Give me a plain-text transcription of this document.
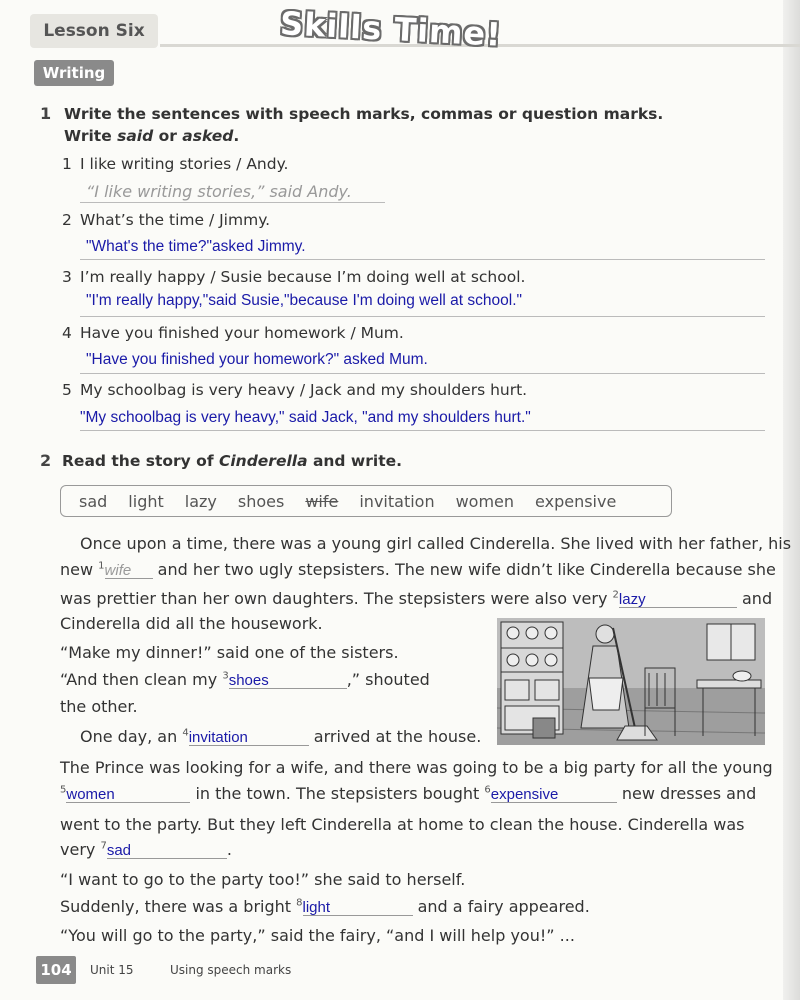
Lesson Six	Skills Time!
Writing
1 Write the sentences with speech marks, commas or question marks.
Write said or asked.
1 I like writing stories / Andy.
“I like writing stories,” said Andy.
2 What’s the time / Jimmy.
"What's the time?"asked Jimmy.
3 I’m really happy / Susie because I’m doing well at school.
"I'm really happy,"said Susie,"because I'm doing well at school."
4 Have you finished your homework / Mum.
"Have you finished your homework?" asked Mum.
5 My schoolbag is very heavy / Jack and my shoulders hurt.
"My schoolbag is very heavy," said Jack, "and my shoulders hurt."
2 Read the story of Cinderella and write.
sad light lazy shoes wife invitation women expensive
Once upon a time, there was a young girl called Cinderella. She lived with her father, his
new $^1$wife and her two ugly stepsisters. The new wife didn’t like Cinderella because she
was prettier than her own daughters. The stepsisters were also very $^2$lazy	and
Cinderella did all the housework.
“Make my dinner!” said one of the sisters.
“And then clean my $^3$shoes	,” shouted
the other.
One day, an $^4$invitation	arrived at the house.
The Prince was looking for a wife, and there was going to be a big party for all the young
$^5$women	in the town. The stepsisters bought $^6$expensive	new dresses and
went to the party. But they left Cinderella at home to clean the house. Cinderella was
very $^7$sad	.
“I want to go to the party too!” she said to herself.
Suddenly, there was a bright $^8$light	and a fairy appeared.
“You will go to the party,” said the fairy, “and I will help you!” ...
104	Unit 15	Using speech marks
